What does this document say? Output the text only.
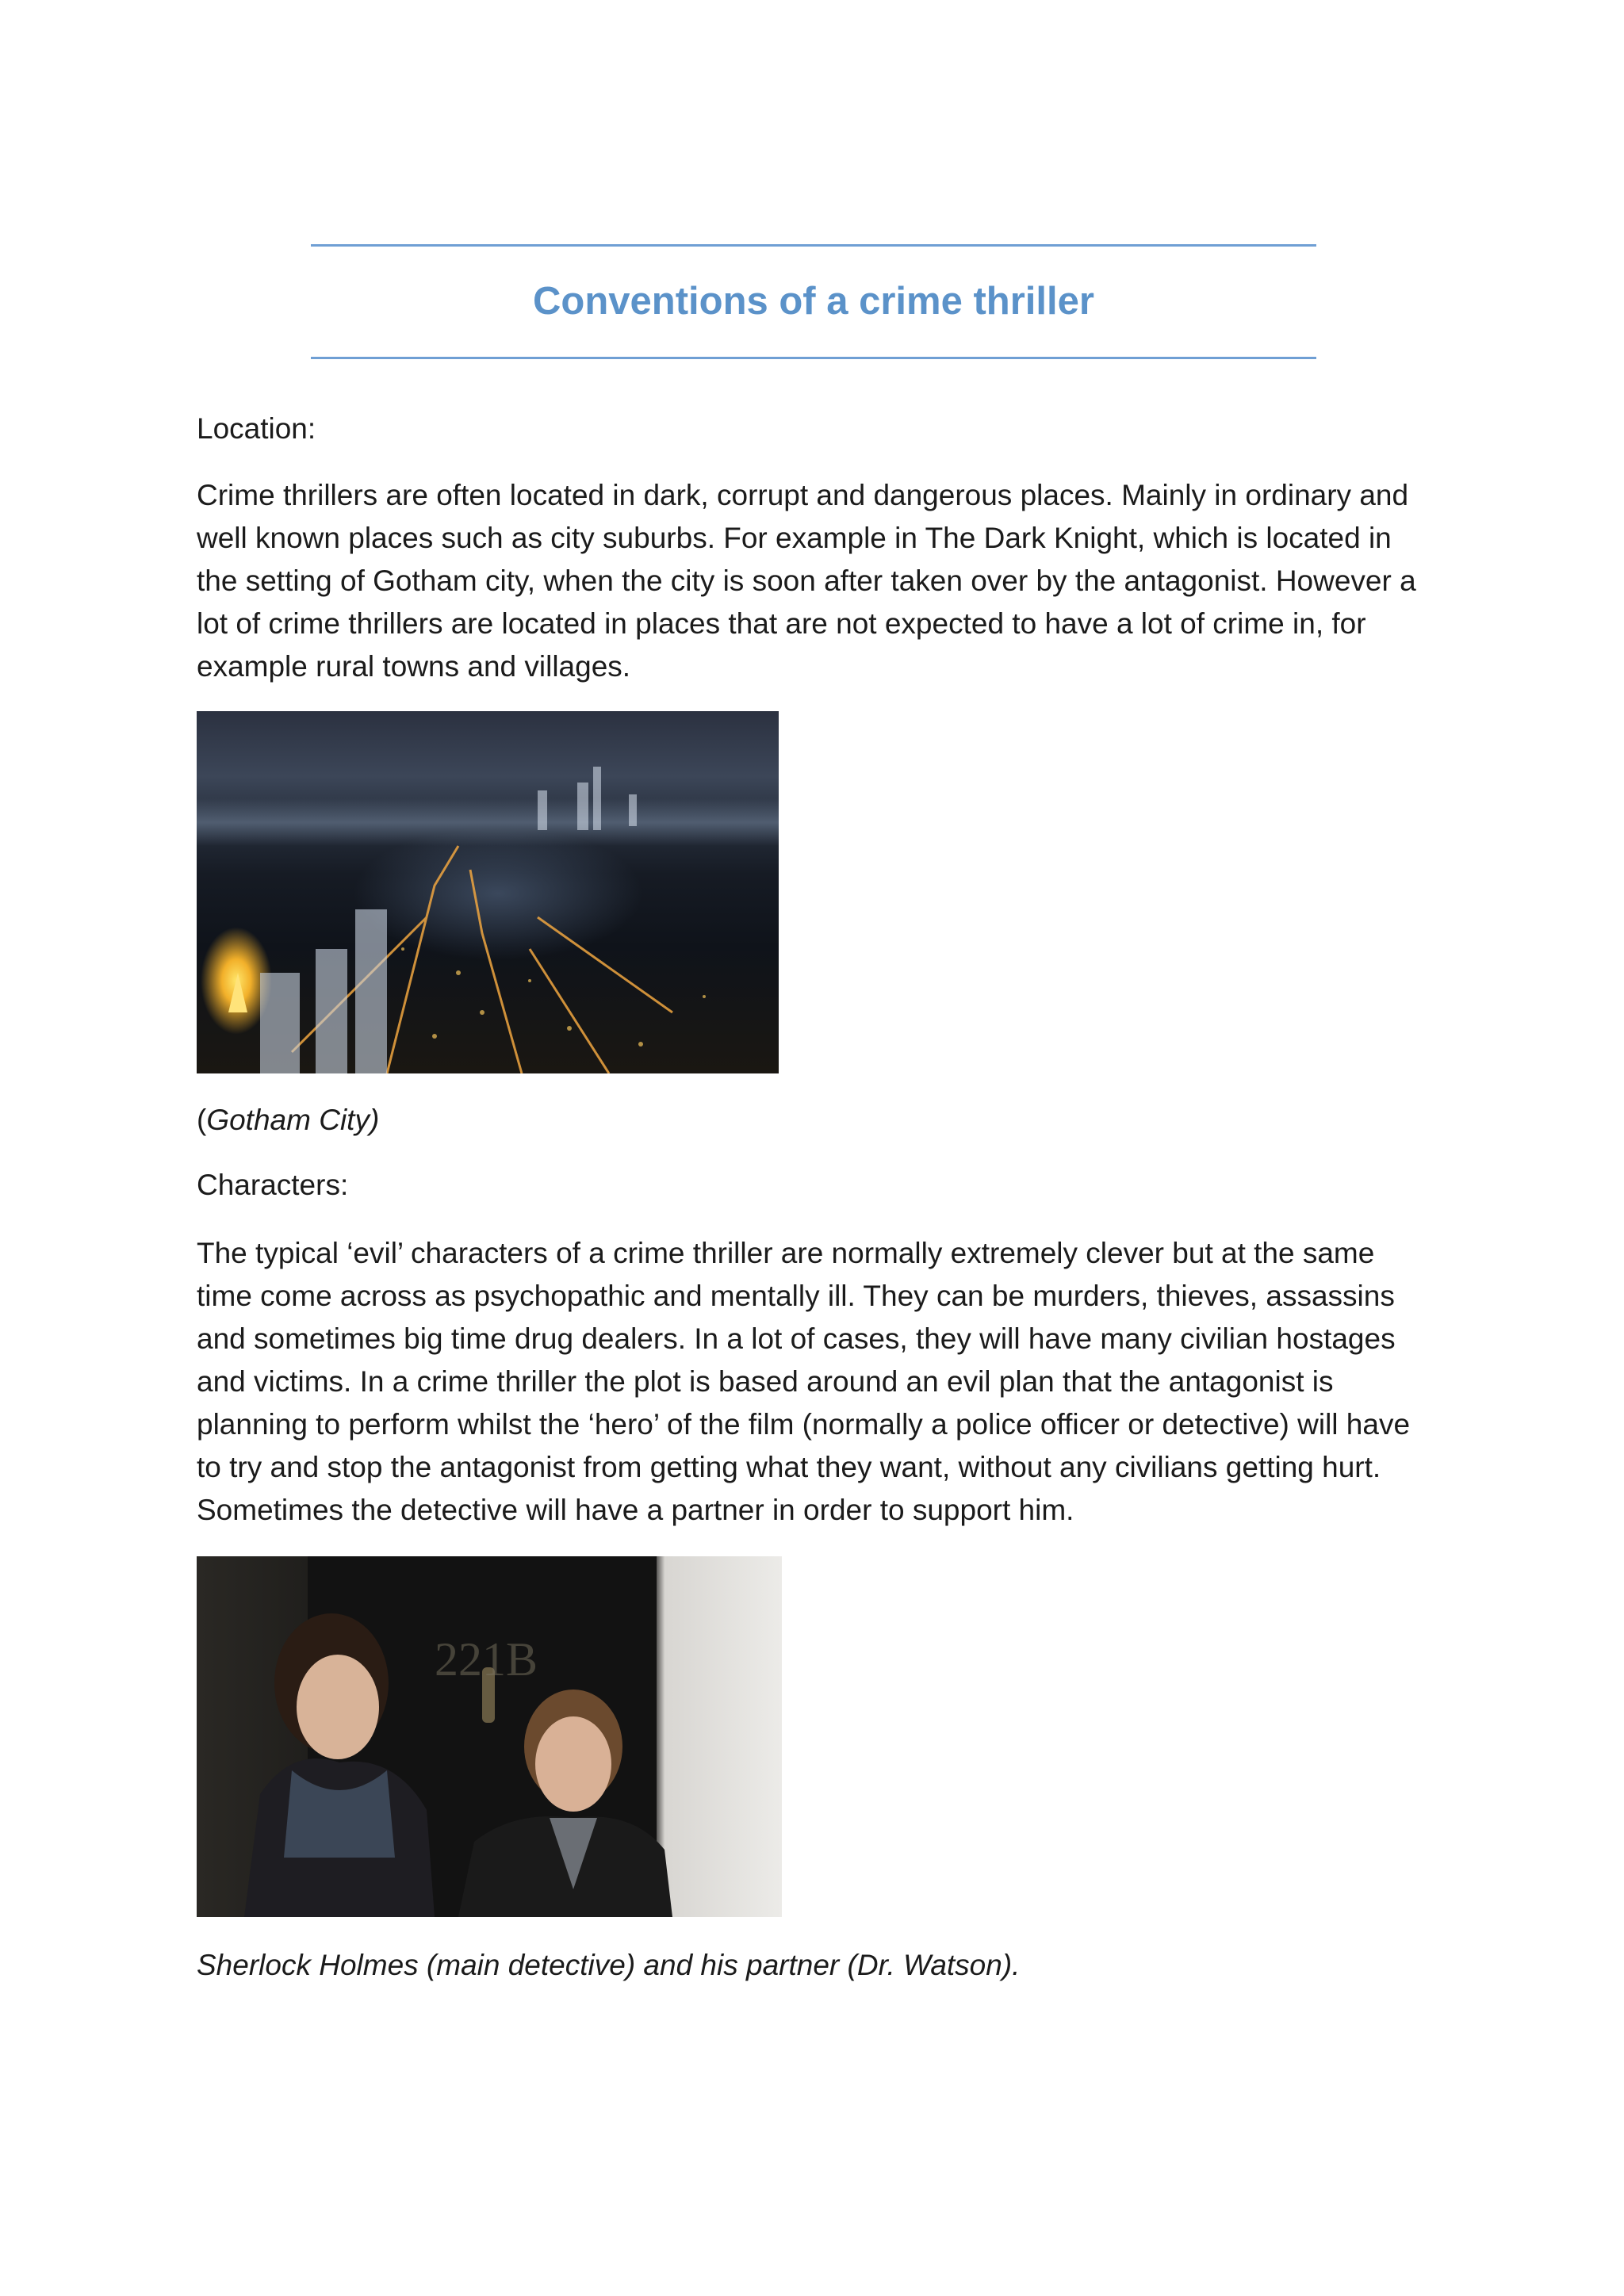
Conventions of a crime thriller
Location:

Crime thrillers are often located in dark, corrupt and dangerous places. Mainly in ordinary and well known places such as city suburbs. For example in The Dark Knight, which is located in the setting of Gotham city, when the city is soon after taken over by the antagonist. However a lot of crime thrillers are located in places that are not expected to have a lot of crime in, for example rural towns and villages.

(Gotham City)
Characters:

The typical ‘evil’ characters of a crime thriller are normally extremely clever but at the same time come across as psychopathic and mentally ill. They can be murders, thieves, assassins and sometimes big time drug dealers. In a lot of cases, they will have many civilian hostages and victims. In a crime thriller the plot is based around an evil plan that the antagonist is planning to perform whilst the ‘hero’ of the film (normally a police officer or detective) will have to try and stop the antagonist from getting what they want, without any civilians getting hurt. Sometimes the detective will have a partner in order to support him.

221B
Sherlock Holmes (main detective) and his partner (Dr. Watson).
